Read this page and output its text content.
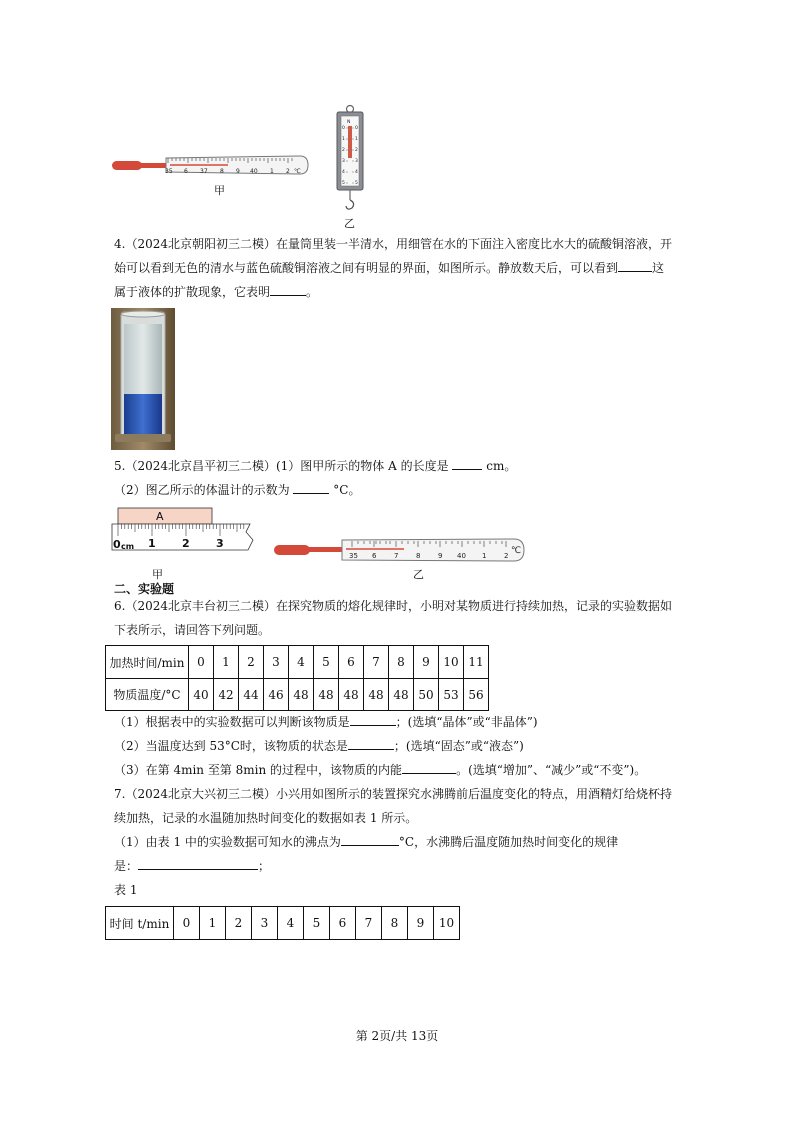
35 6 37 8 9 40 1 2 ℃
甲
N
0
1
2
3
4
5
0
1
2
3
4
5
乙
4.（2024北京朝阳初三二模）在量筒里装一半清水，用细管在水的下面注入密度比水大的硫酸铜溶液，开
始可以看到无色的清水与蓝色硫酸铜溶液之间有明显的界面，如图所示。静放数天后，可以看到	这
属于液体的扩散现象，它表明	。
5.（2024北京昌平初三二模）(1）图甲所示的物体 A 的长度是	cm。
（2）图乙所示的体温计的示数为	°C。
A
0 1 2 3
cm
甲
35 6	7	8	9 40 1	2 ℃
乙
二、实验题
6.（2024北京丰台初三二模）在探究物质的熔化规律时，小明对某物质进行持续加热，记录的实验数据如
下表所示，请回答下列问题。
加热时间/min	0	1	2	3	4	5	6	7	8	9	10	11
物质温度/°C	40	42	44	46	48	48	48	48	48	50	53	56
（1）根据表中的实验数据可以判断该物质是	；(选填“晶体”或“非晶体”)
（2）当温度达到 53°C时，该物质的状态是	；(选填“固态”或“液态”)
（3）在第 4min 至第 8min 的过程中，该物质的内能	。(选填“增加”、“减少”或“不变”)。
7.（2024北京大兴初三二模）小兴用如图所示的装置探究水沸腾前后温度变化的特点，用酒精灯给烧杯持
续加热，记录的水温随加热时间变化的数据如表 1 所示。
（1）由表 1 中的实验数据可知水的沸点为	°C，水沸腾后温度随加热时间变化的规律
是：	；
表 1
时间 t/min	0	1	2	3	4	5	6	7	8	9	10
第 2页/共 13页
